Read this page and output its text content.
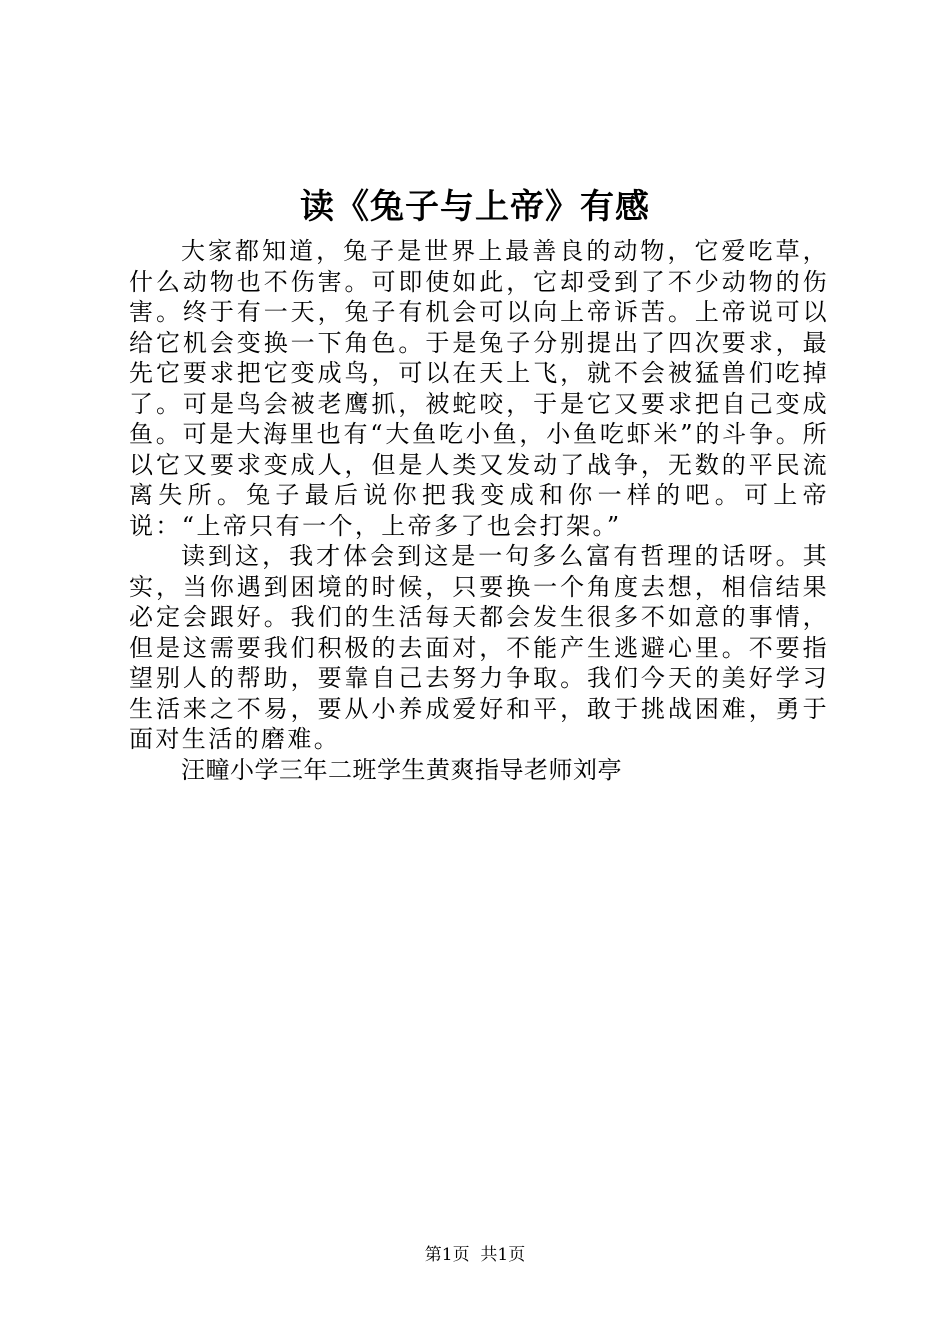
读《兔子与上帝》有感

大家都知道，兔子是世界上最善良的动物，它爱吃草，什么动物也不伤害。可即使如此，它却受到了不少动物的伤害。终于有一天，兔子有机会可以向上帝诉苦。上帝说可以给它机会变换一下角色。于是兔子分别提出了四次要求，最先它要求把它变成鸟，可以在天上飞，就不会被猛兽们吃掉了。可是鸟会被老鹰抓，被蛇咬，于是它又要求把自己变成鱼。可是大海里也有“大鱼吃小鱼，小鱼吃虾米”的斗争。所以它又要求变成人，但是人类又发动了战争，无数的平民流离失所。兔子最后说你把我变成和你一样的吧。可上帝说：“上帝只有一个，上帝多了也会打架。”

读到这，我才体会到这是一句多么富有哲理的话呀。其实，当你遇到困境的时候，只要换一个角度去想，相信结果必定会跟好。我们的生活每天都会发生很多不如意的事情，但是这需要我们积极的去面对，不能产生逃避心里。不要指望别人的帮助，要靠自己去努力争取。我们今天的美好学习生活来之不易，要从小养成爱好和平，敢于挑战困难，勇于面对生活的磨难。

汪疃小学三年二班学生黄爽指导老师刘亭

第1页 共1页
